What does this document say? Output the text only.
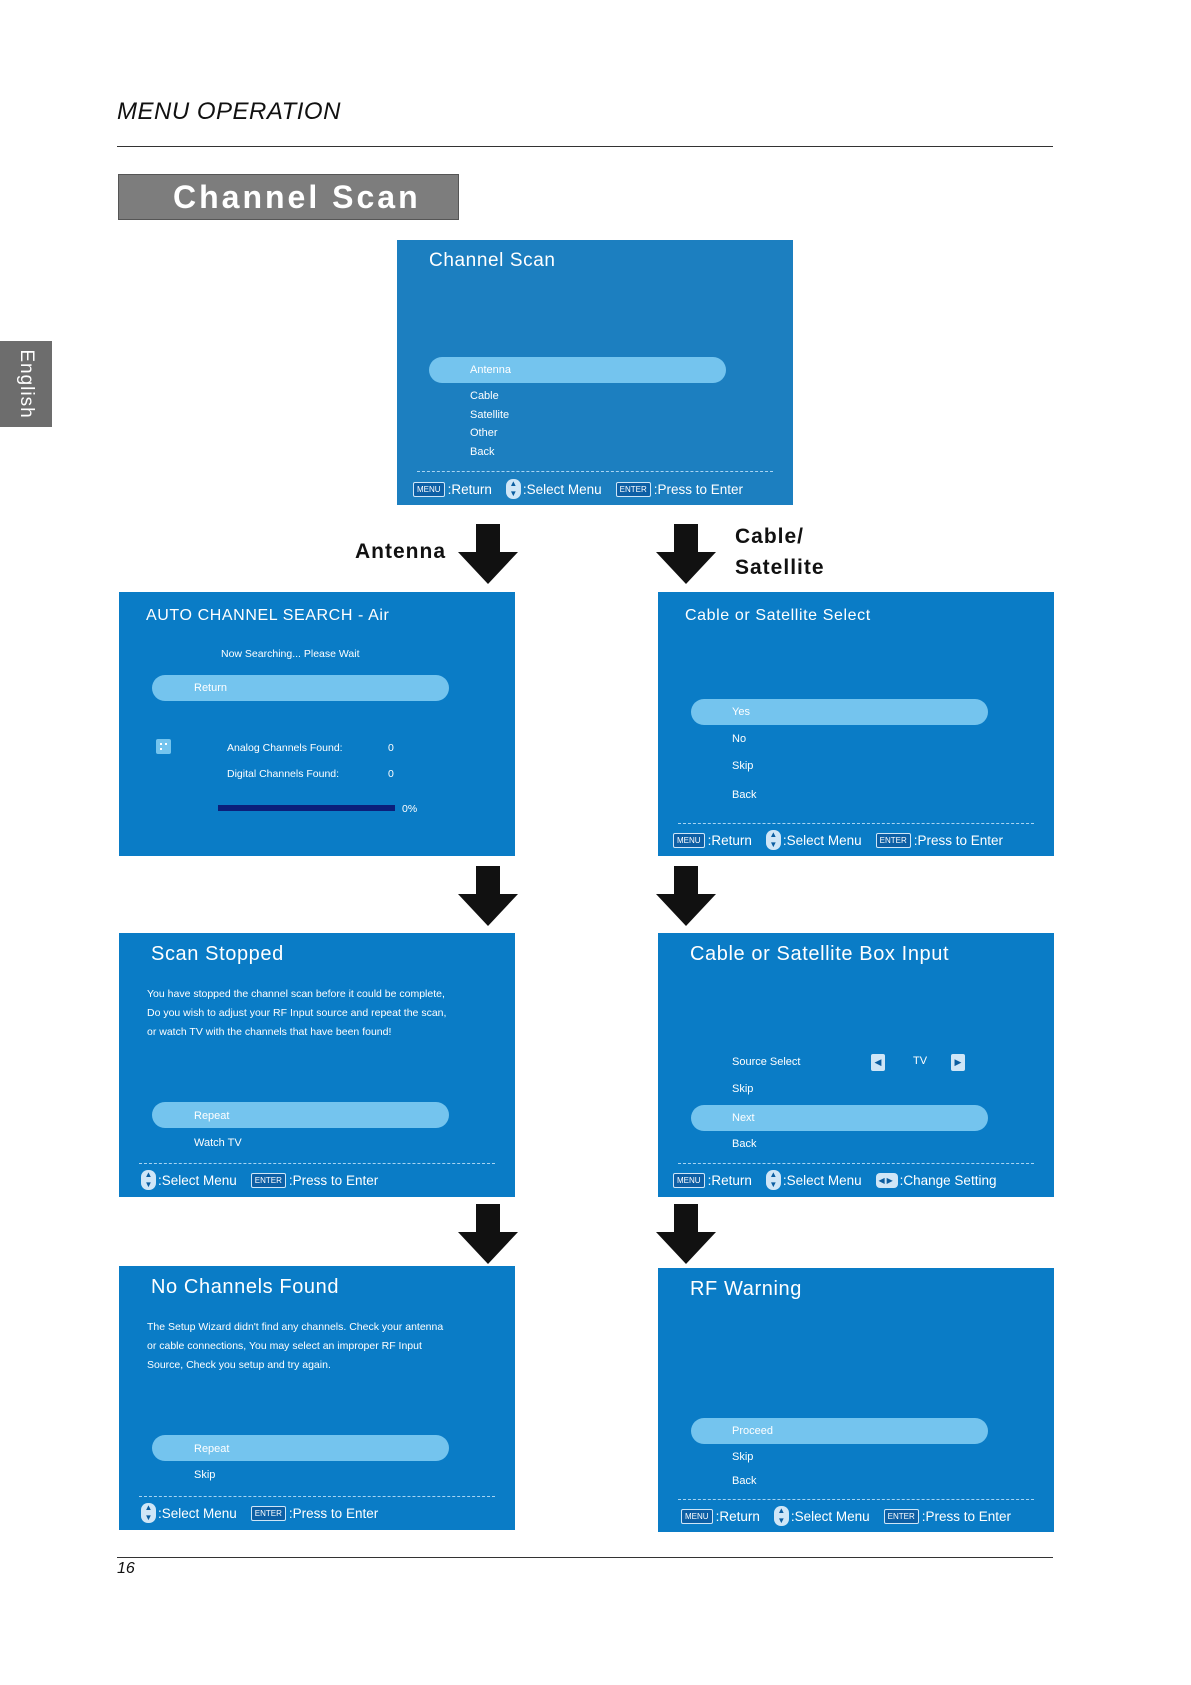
MENU OPERATION
Channel Scan
English
Channel Scan
Antenna
Cable
Satellite
Other
Back
MENU :Return	▲
▼ :Select Menu	ENTER :Press to Enter
Antenna
Cable/
Satellite
AUTO CHANNEL SEARCH - Air
Now Searching... Please Wait
Return
Analog Channels Found:	0
Digital Channels Found:	0
0%
Cable or Satellite Select
Yes
No
Skip
Back
MENU :Return	▲
▼ :Select Menu	ENTER :Press to Enter
Scan Stopped
You have stopped the channel scan before it could be complete,
Do you wish to adjust your RF Input source and repeat the scan,
or watch TV with the channels that have been found!
Repeat
Watch TV
▲
▼ :Select Menu	ENTER :Press to Enter
Cable or Satellite Box Input
Source Select	◀	TV	▶
Skip
Next
Back
MENU :Return	▲
▼ :Select Menu	◀▶ :Change Setting
No Channels Found
The Setup Wizard didn't find any channels. Check your antenna
or cable connections, You may select an improper RF Input
Source, Check you setup and try again.
Repeat
Skip
▲
▼ :Select Menu	ENTER :Press to Enter
RF Warning
Proceed
Skip
Back
MENU :Return	▲
▼ :Select Menu	ENTER :Press to Enter
16
